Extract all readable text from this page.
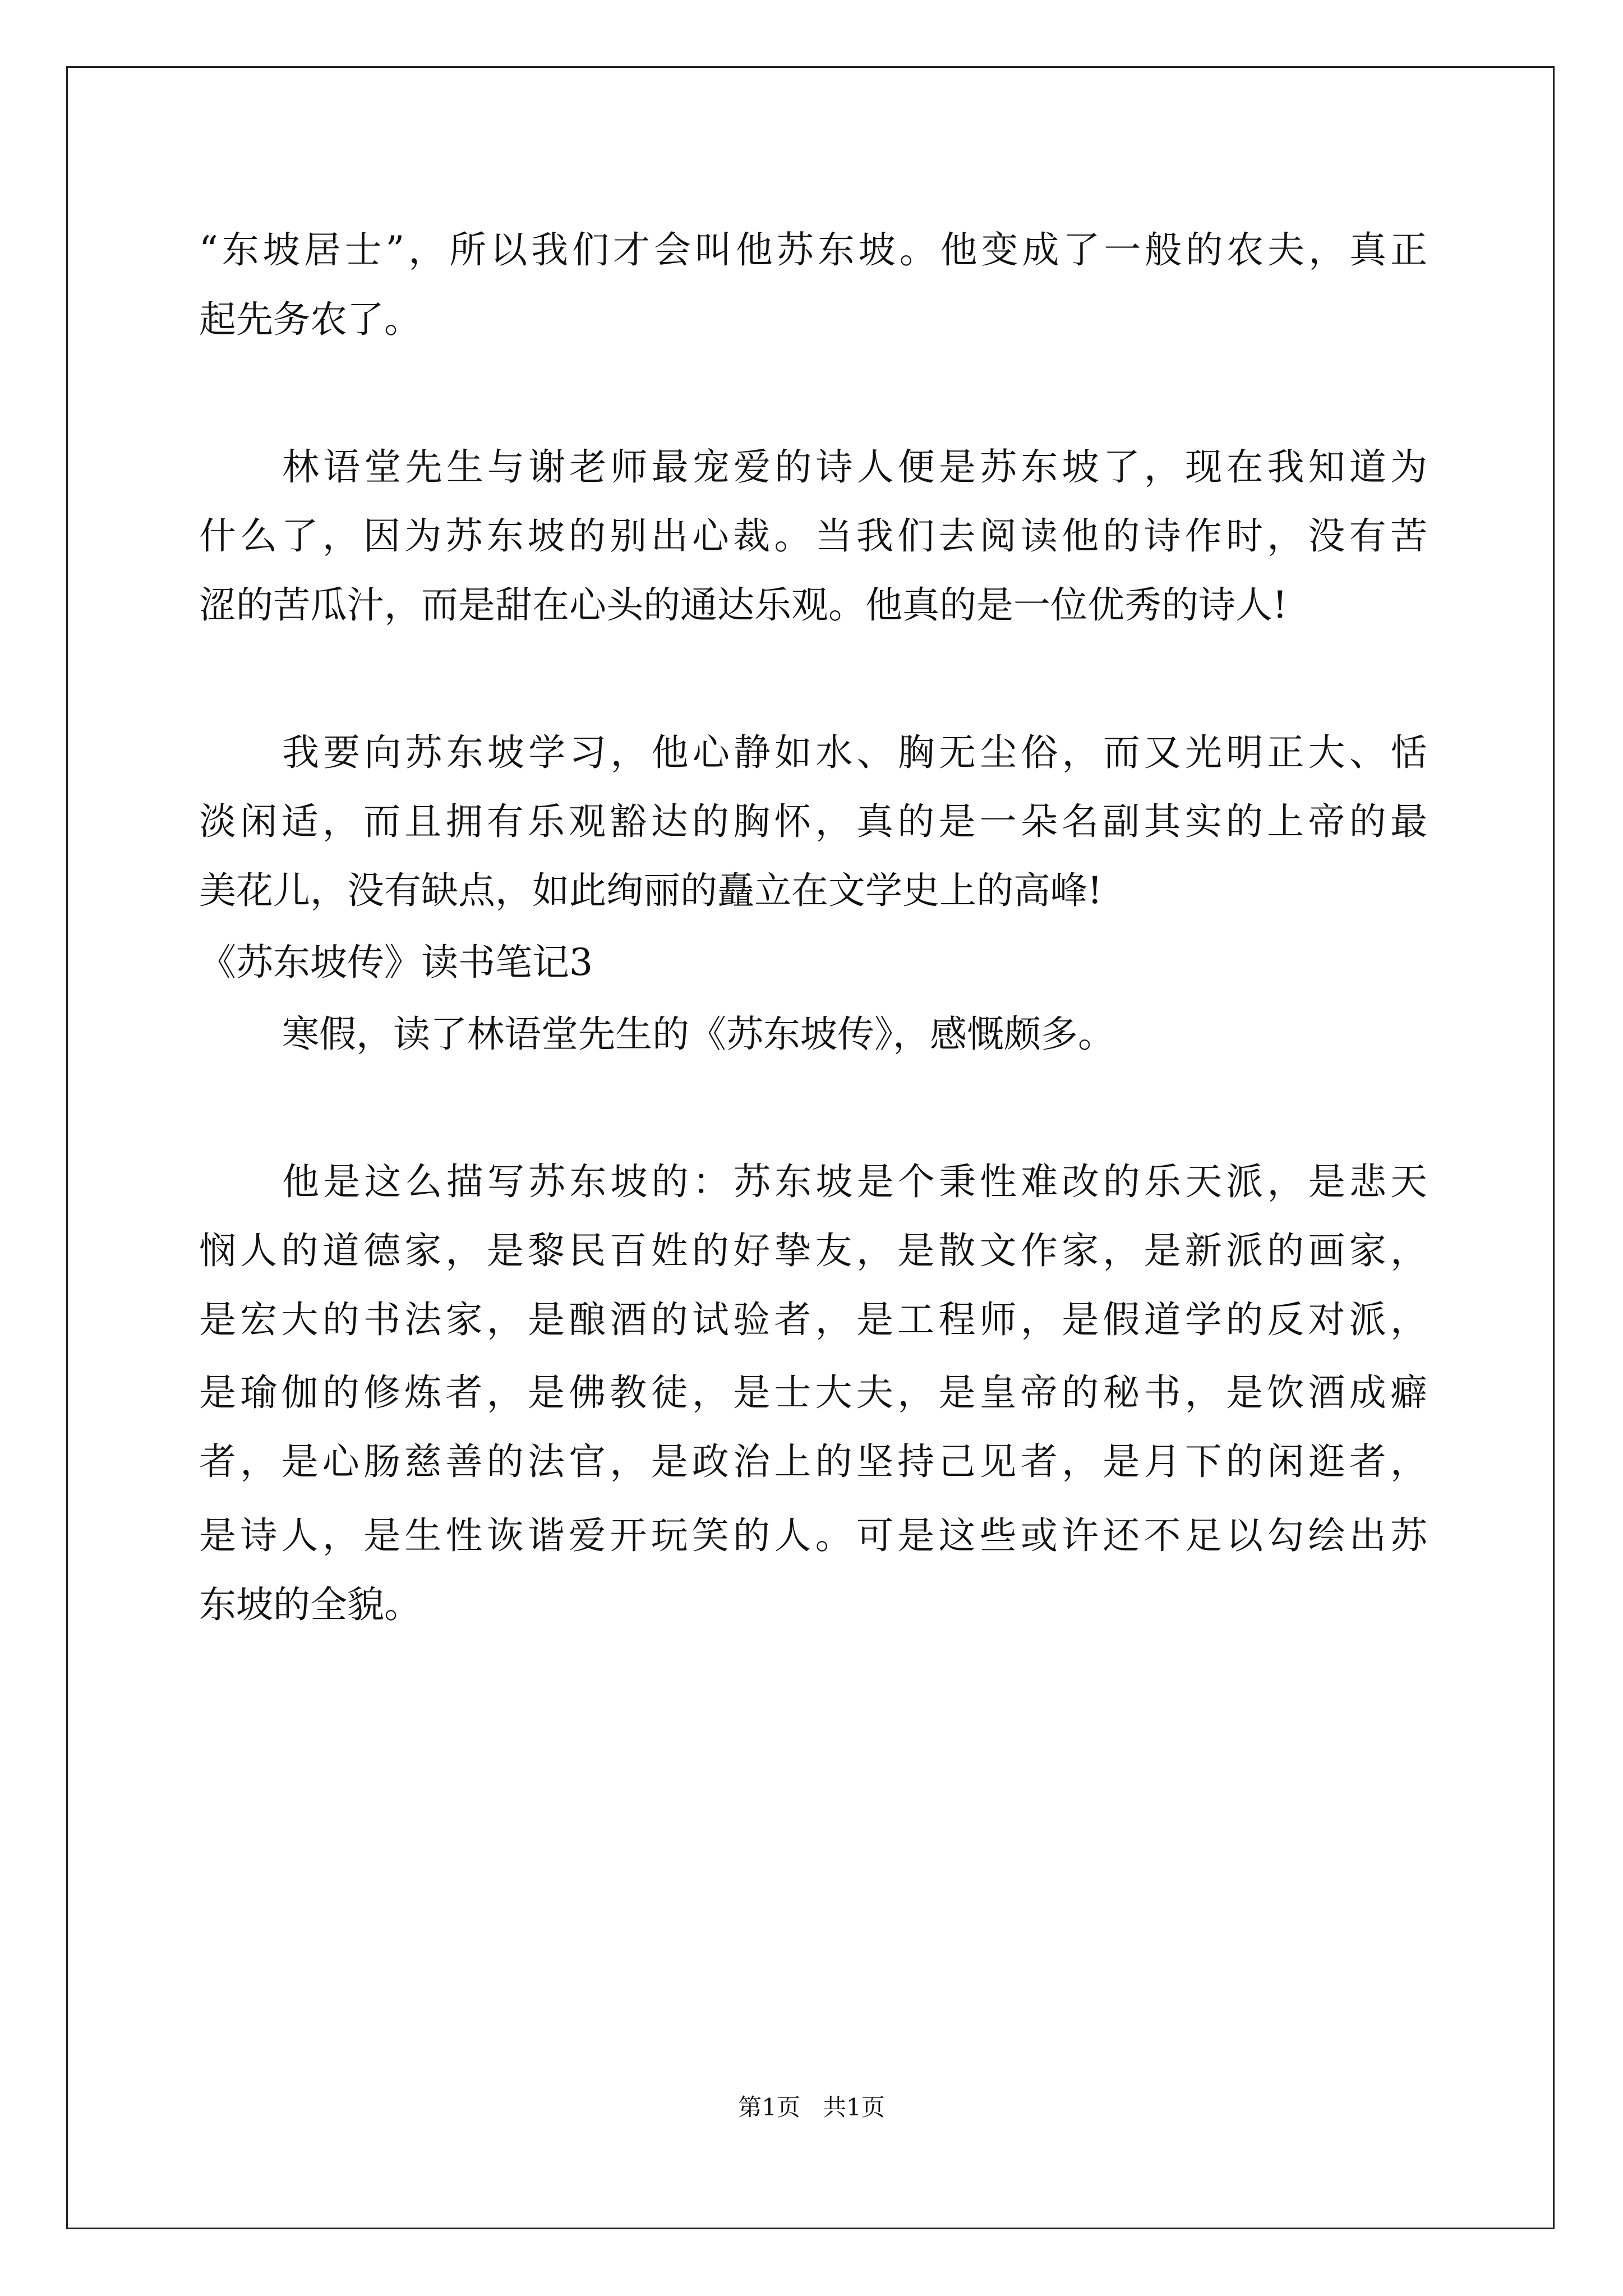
“东坡居士”，所以我们才会叫他苏东坡。他变成了一般的农夫，真正
起先务农了。
林语堂先生与谢老师最宠爱的诗人便是苏东坡了，现在我知道为
什么了，因为苏东坡的别出心裁。当我们去阅读他的诗作时，没有苦
涩的苦瓜汁，而是甜在心头的通达乐观。他真的是一位优秀的诗人!
我要向苏东坡学习，他心静如水、胸无尘俗，而又光明正大、恬
淡闲适，而且拥有乐观豁达的胸怀，真的是一朵名副其实的上帝的最
美花儿，没有缺点，如此绚丽的矗立在文学史上的高峰!
《苏东坡传》读书笔记3
寒假，读了林语堂先生的《苏东坡传》，感慨颇多。
他是这么描写苏东坡的：苏东坡是个秉性难改的乐天派，是悲天
悯人的道德家，是黎民百姓的好挚友，是散文作家，是新派的画家，
是宏大的书法家，是酿酒的试验者，是工程师，是假道学的反对派，
是瑜伽的修炼者，是佛教徒，是士大夫，是皇帝的秘书，是饮酒成癖
者，是心肠慈善的法官，是政治上的坚持己见者，是月下的闲逛者，
是诗人，是生性诙谐爱开玩笑的人。可是这些或许还不足以勾绘出苏
东坡的全貌。
第1页   共1页
